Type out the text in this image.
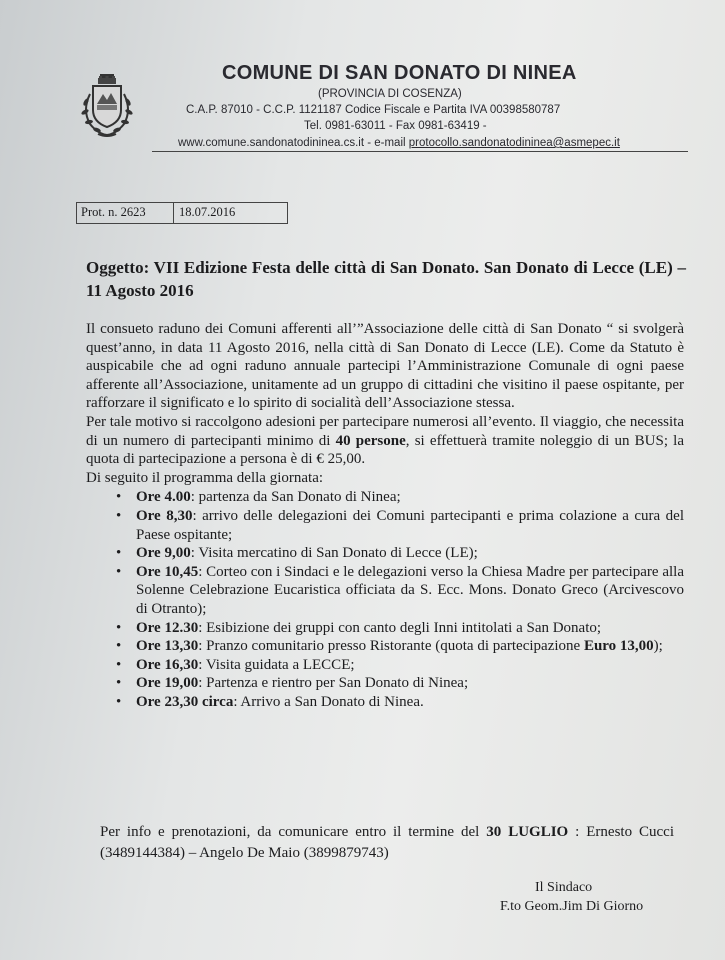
COMUNE DI SAN DONATO DI NINEA
(PROVINCIA DI COSENZA)
C.A.P. 87010 - C.C.P. 1121187 Codice Fiscale e Partita IVA 00398580787
Tel. 0981-63011 - Fax 0981-63419 -
www.comune.sandonatodininea.cs.it - e-mail protocollo.sandonatodininea@asmepec.it
Prot. n. 2623	18.07.2016
Oggetto: VII Edizione Festa delle città di San Donato. San Donato di Lecce (LE) – 11 Agosto 2016

Il consueto raduno dei Comuni afferenti all’”Associazione delle città di San Donato “ si svolgerà quest’anno, in data 11 Agosto 2016, nella città di San Donato di Lecce (LE). Come da Statuto è auspicabile che ad ogni raduno annuale partecipi l’Amministrazione Comunale di ogni paese afferente all’Associazione, unitamente ad un gruppo di cittadini che visitino il paese ospitante, per rafforzare il significato e lo spirito di socialità dell’Associazione stessa.

Per tale motivo si raccolgono adesioni per partecipare numerosi all’evento. Il viaggio, che necessita di un numero di partecipanti minimo di 40 persone, si effettuerà tramite noleggio di un BUS; la quota di partecipazione a persona è di € 25,00.

Di seguito il programma della giornata:

• Ore 4.00: partenza da San Donato di Ninea;
• Ore 8,30: arrivo delle delegazioni dei Comuni partecipanti e prima colazione a cura del Paese ospitante;
• Ore 9,00: Visita mercatino di San Donato di Lecce (LE);
• Ore 10,45: Corteo con i Sindaci e le delegazioni verso la Chiesa Madre per partecipare alla Solenne Celebrazione Eucaristica officiata da S. Ecc. Mons. Donato Greco (Arcivescovo di Otranto);
• Ore 12.30: Esibizione dei gruppi con canto degli Inni intitolati a San Donato;
• Ore 13,30: Pranzo comunitario presso Ristorante (quota di partecipazione Euro 13,00);
• Ore 16,30: Visita guidata a LECCE;
• Ore 19,00: Partenza e rientro per San Donato di Ninea;
• Ore 23,30 circa: Arrivo a San Donato di Ninea.
Per info e prenotazioni, da comunicare entro il termine del 30 LUGLIO : Ernesto Cucci (3489144384) – Angelo De Maio (3899879743)
Il Sindaco
F.to Geom.Jim Di Giorno
